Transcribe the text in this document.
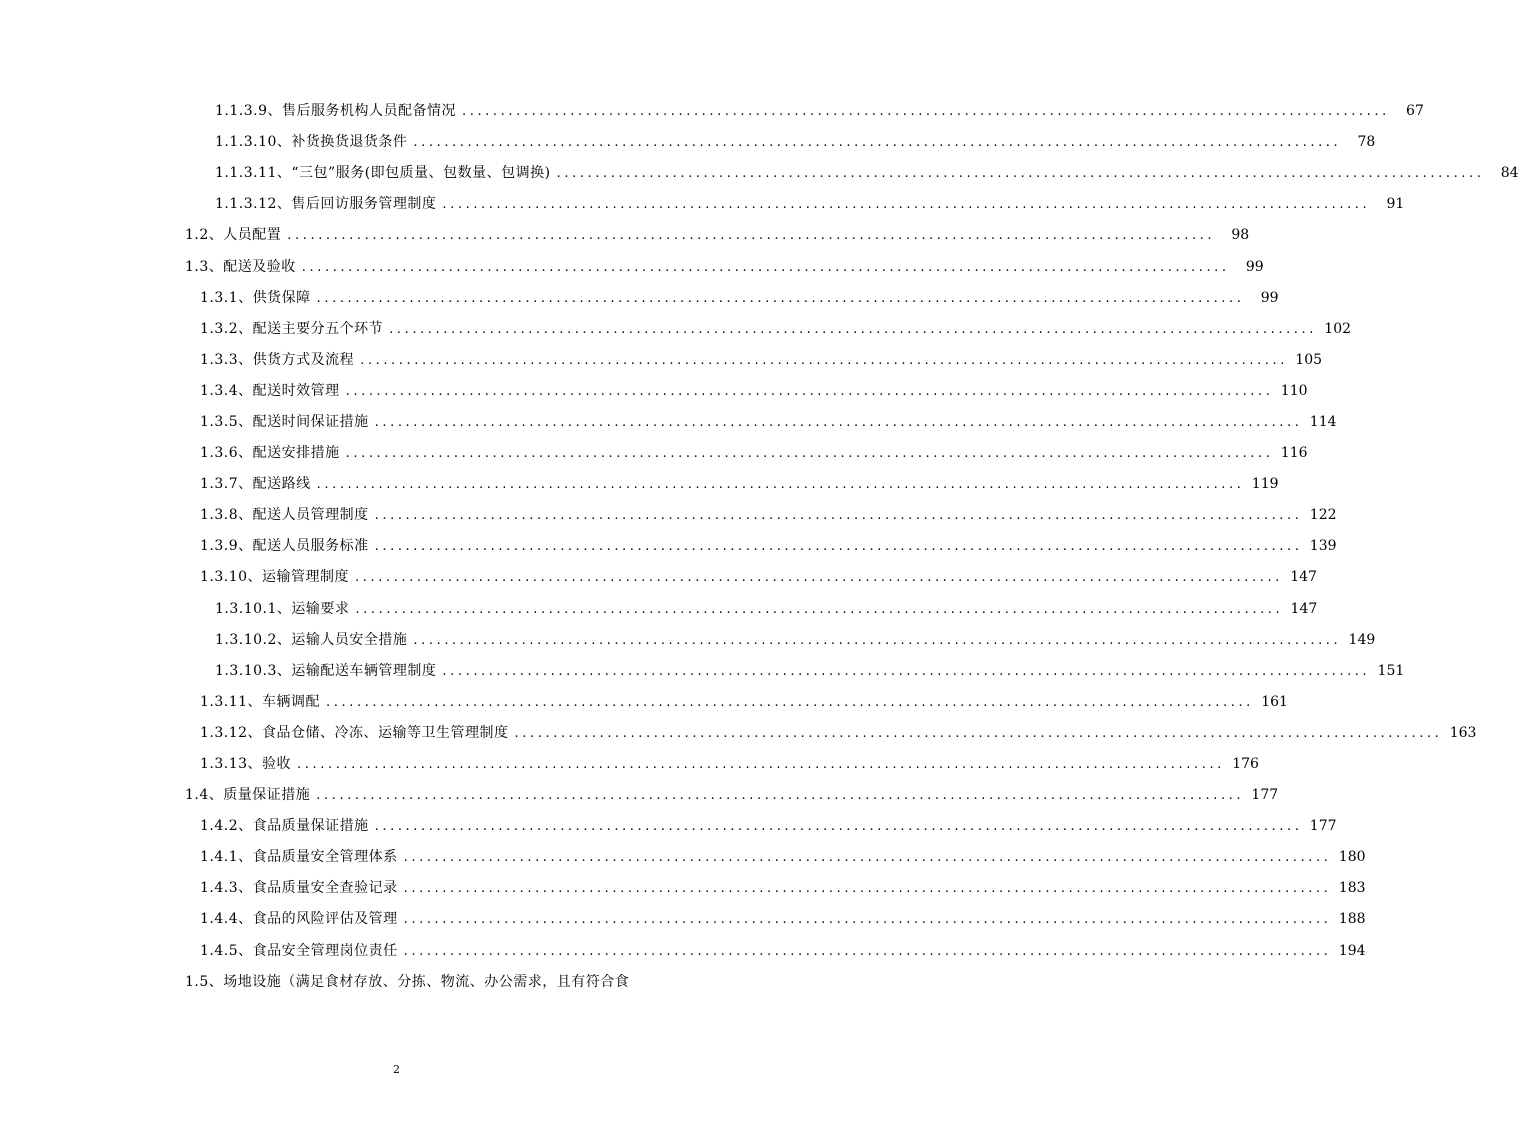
1.1.3.9、售后服务机构人员配备情况 ........................................................................................................................	67
1.1.3.10、补货换货退货条件 ........................................................................................................................	78
1.1.3.11、“三包”服务(即包质量、包数量、包调换) ........................................................................................................................	84
1.1.3.12、售后回访服务管理制度 ........................................................................................................................	91
1.2、人员配置 ........................................................................................................................	98
1.3、配送及验收 ........................................................................................................................	99
1.3.1、供货保障 ........................................................................................................................	99
1.3.2、配送主要分五个环节 ........................................................................................................................ 102
1.3.3、供货方式及流程 ........................................................................................................................ 105
1.3.4、配送时效管理 ........................................................................................................................ 110
1.3.5、配送时间保证措施 ........................................................................................................................ 114
1.3.6、配送安排措施 ........................................................................................................................ 116
1.3.7、配送路线 ........................................................................................................................ 119
1.3.8、配送人员管理制度 ........................................................................................................................ 122
1.3.9、配送人员服务标准 ........................................................................................................................ 139
1.3.10、运输管理制度 ........................................................................................................................ 147
1.3.10.1、运输要求 ........................................................................................................................ 147
1.3.10.2、运输人员安全措施 ........................................................................................................................ 149
1.3.10.3、运输配送车辆管理制度 ........................................................................................................................ 151
1.3.11、车辆调配 ........................................................................................................................ 161
1.3.12、食品仓储、冷冻、运输等卫生管理制度 ........................................................................................................................ 163
1.3.13、验收 ........................................................................................................................ 176
1.4、质量保证措施 ........................................................................................................................ 177
1.4.2、食品质量保证措施 ........................................................................................................................ 177
1.4.1、食品质量安全管理体系 ........................................................................................................................ 180
1.4.3、食品质量安全查验记录 ........................................................................................................................ 183
1.4.4、食品的风险评估及管理 ........................................................................................................................ 188
1.4.5、食品安全管理岗位责任 ........................................................................................................................ 194
1.5、场地设施（满足食材存放、分拣、物流、办公需求，且有符合食
2
